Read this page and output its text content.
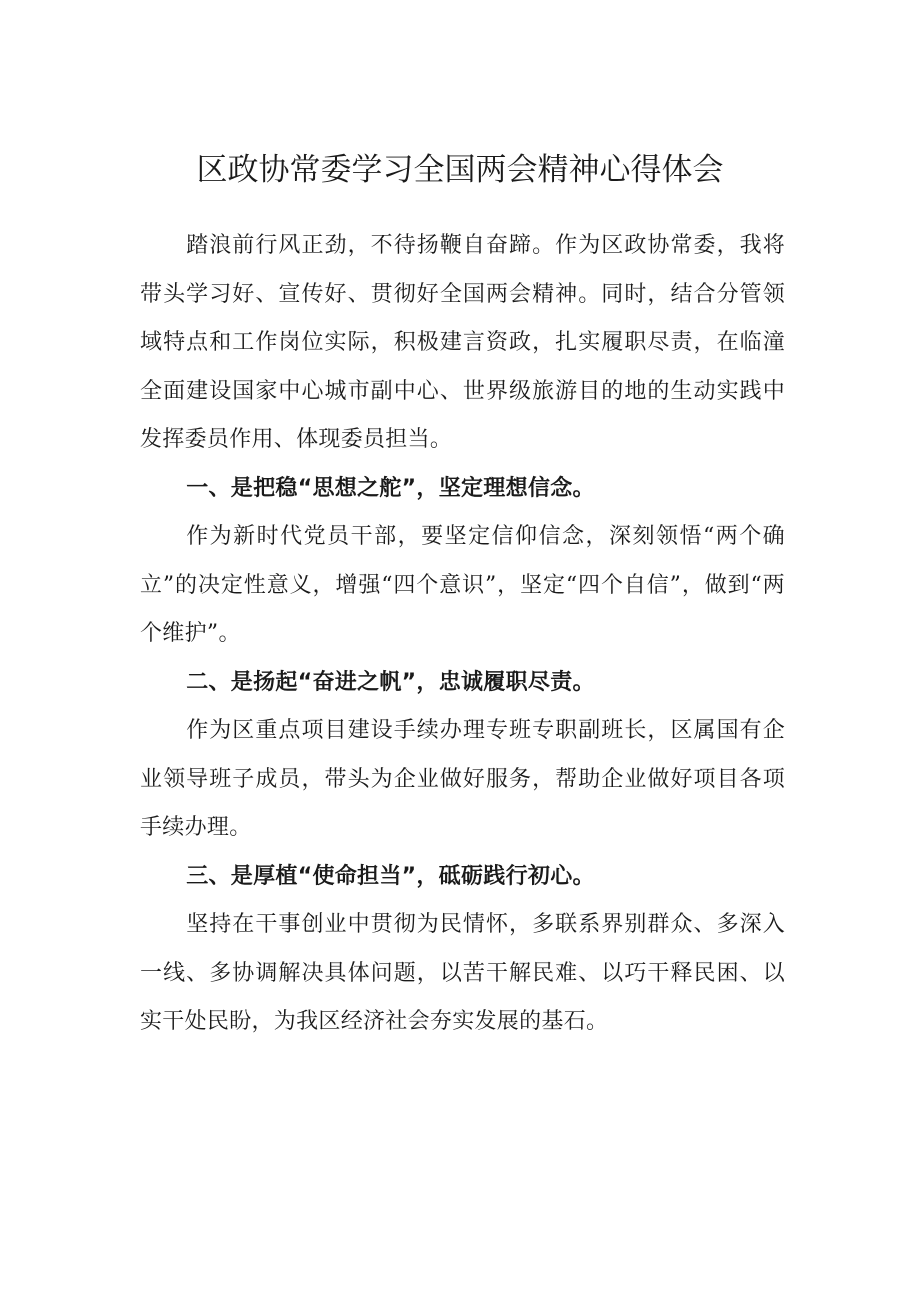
区政协常委学习全国两会精神心得体会

踏浪前行风正劲，不待扬鞭自奋蹄。作为区政协常委，我将带头学习好、宣传好、贯彻好全国两会精神。同时，结合分管领域特点和工作岗位实际，积极建言资政，扎实履职尽责，在临潼全面建设国家中心城市副中心、世界级旅游目的地的生动实践中发挥委员作用、体现委员担当。

一、是把稳“思想之舵”，坚定理想信念。

作为新时代党员干部，要坚定信仰信念，深刻领悟“两个确立”的决定性意义，增强“四个意识”，坚定“四个自信”，做到“两个维护”。

二、是扬起“奋进之帆”，忠诚履职尽责。

作为区重点项目建设手续办理专班专职副班长，区属国有企业领导班子成员，带头为企业做好服务，帮助企业做好项目各项手续办理。

三、是厚植“使命担当”，砥砺践行初心。

坚持在干事创业中贯彻为民情怀，多联系界别群众、多深入一线、多协调解决具体问题，以苦干解民难、以巧干释民困、以实干处民盼，为我区经济社会夯实发展的基石。
